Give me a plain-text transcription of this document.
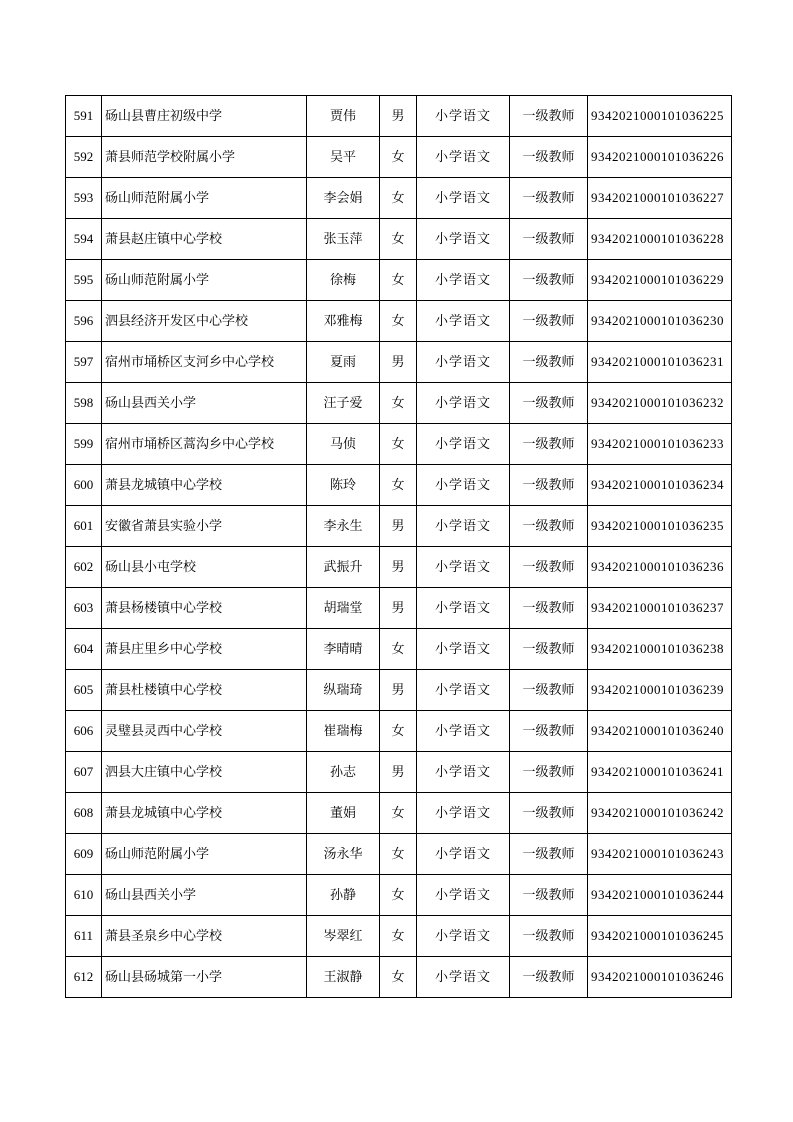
591	砀山县曹庄初级中学	贾伟	男	小学语文	一级教师	9342021000101036225
592	萧县师范学校附属小学	吴平	女	小学语文	一级教师	9342021000101036226
593	砀山师范附属小学	李会娟	女	小学语文	一级教师	9342021000101036227
594	萧县赵庄镇中心学校	张玉萍	女	小学语文	一级教师	9342021000101036228
595	砀山师范附属小学	徐梅	女	小学语文	一级教师	9342021000101036229
596	泗县经济开发区中心学校	邓雅梅	女	小学语文	一级教师	9342021000101036230
597	宿州市埇桥区支河乡中心学校	夏雨	男	小学语文	一级教师	9342021000101036231
598	砀山县西关小学	汪子爱	女	小学语文	一级教师	9342021000101036232
599	宿州市埇桥区蒿沟乡中心学校	马侦	女	小学语文	一级教师	9342021000101036233
600	萧县龙城镇中心学校	陈玲	女	小学语文	一级教师	9342021000101036234
601	安徽省萧县实验小学	李永生	男	小学语文	一级教师	9342021000101036235
602	砀山县小屯学校	武振升	男	小学语文	一级教师	9342021000101036236
603	萧县杨楼镇中心学校	胡瑞堂	男	小学语文	一级教师	9342021000101036237
604	萧县庄里乡中心学校	李晴晴	女	小学语文	一级教师	9342021000101036238
605	萧县杜楼镇中心学校	纵瑞琦	男	小学语文	一级教师	9342021000101036239
606	灵璧县灵西中心学校	崔瑞梅	女	小学语文	一级教师	9342021000101036240
607	泗县大庄镇中心学校	孙志	男	小学语文	一级教师	9342021000101036241
608	萧县龙城镇中心学校	董娟	女	小学语文	一级教师	9342021000101036242
609	砀山师范附属小学	汤永华	女	小学语文	一级教师	9342021000101036243
610	砀山县西关小学	孙静	女	小学语文	一级教师	9342021000101036244
611	萧县圣泉乡中心学校	岑翠红	女	小学语文	一级教师	9342021000101036245
612	砀山县砀城第一小学	王淑静	女	小学语文	一级教师	9342021000101036246
